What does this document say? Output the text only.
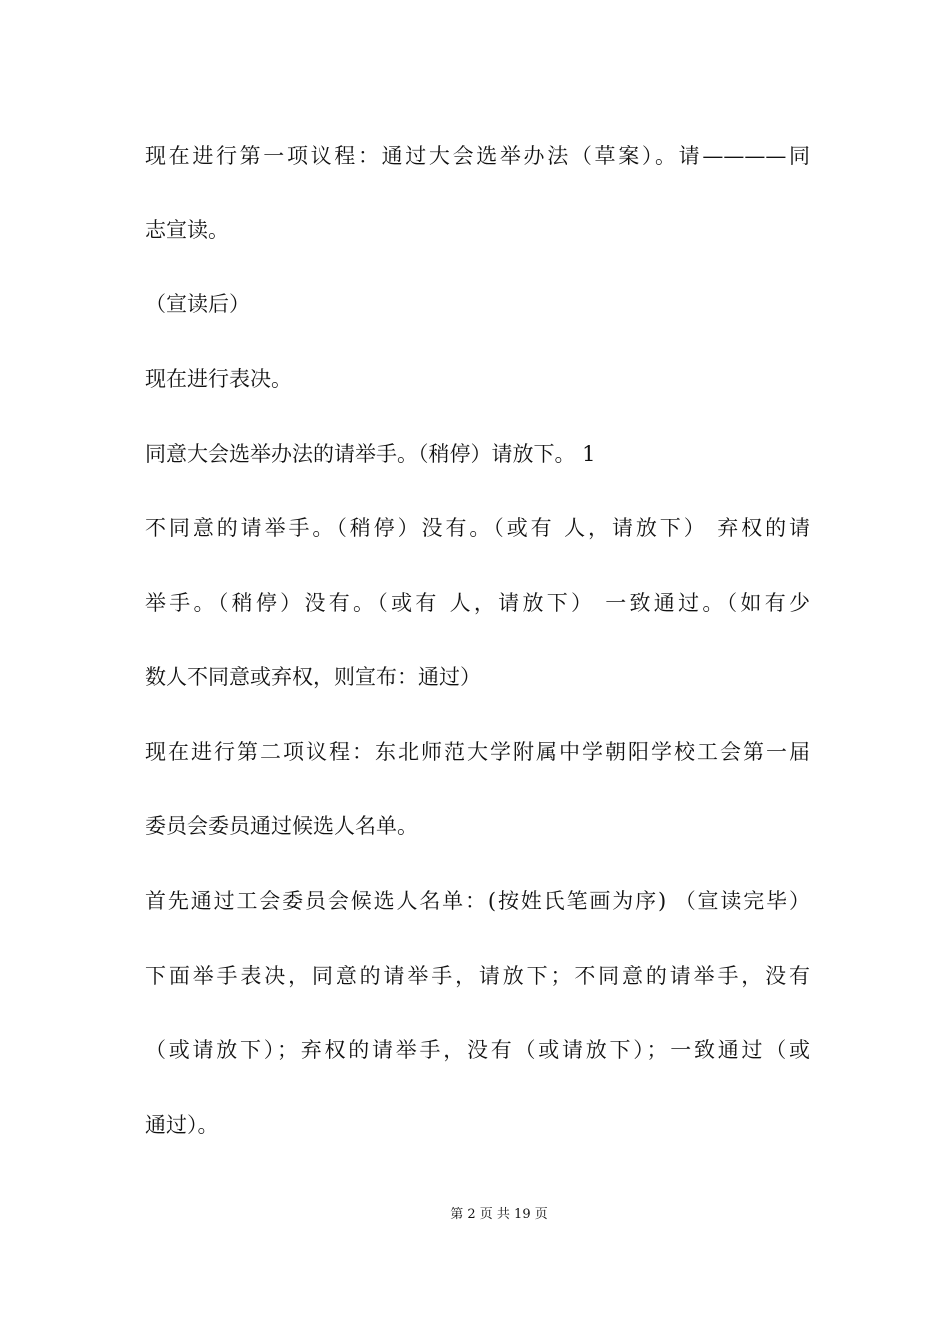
现在进行第一项议程：通过大会选举办法（草案）。请————同
志宣读。
（宣读后）
现在进行表决。
同意大会选举办法的请举手。（稍停）请放下。 1
不同意的请举手。（稍停）没有。（或有 人，请放下） 弃权的请
举手。（稍停）没有。（或有 人，请放下） 一致通过。（如有少
数人不同意或弃权，则宣布：通过）
现在进行第二项议程：东北师范大学附属中学朝阳学校工会第一届
委员会委员通过候选人名单。
首先通过工会委员会候选人名单：(按姓氏笔画为序) （宣读完毕）
下面举手表决，同意的请举手，请放下；不同意的请举手，没有
（或请放下）；弃权的请举手，没有（或请放下）；一致通过（或
通过）。
第 2 页 共 19 页
